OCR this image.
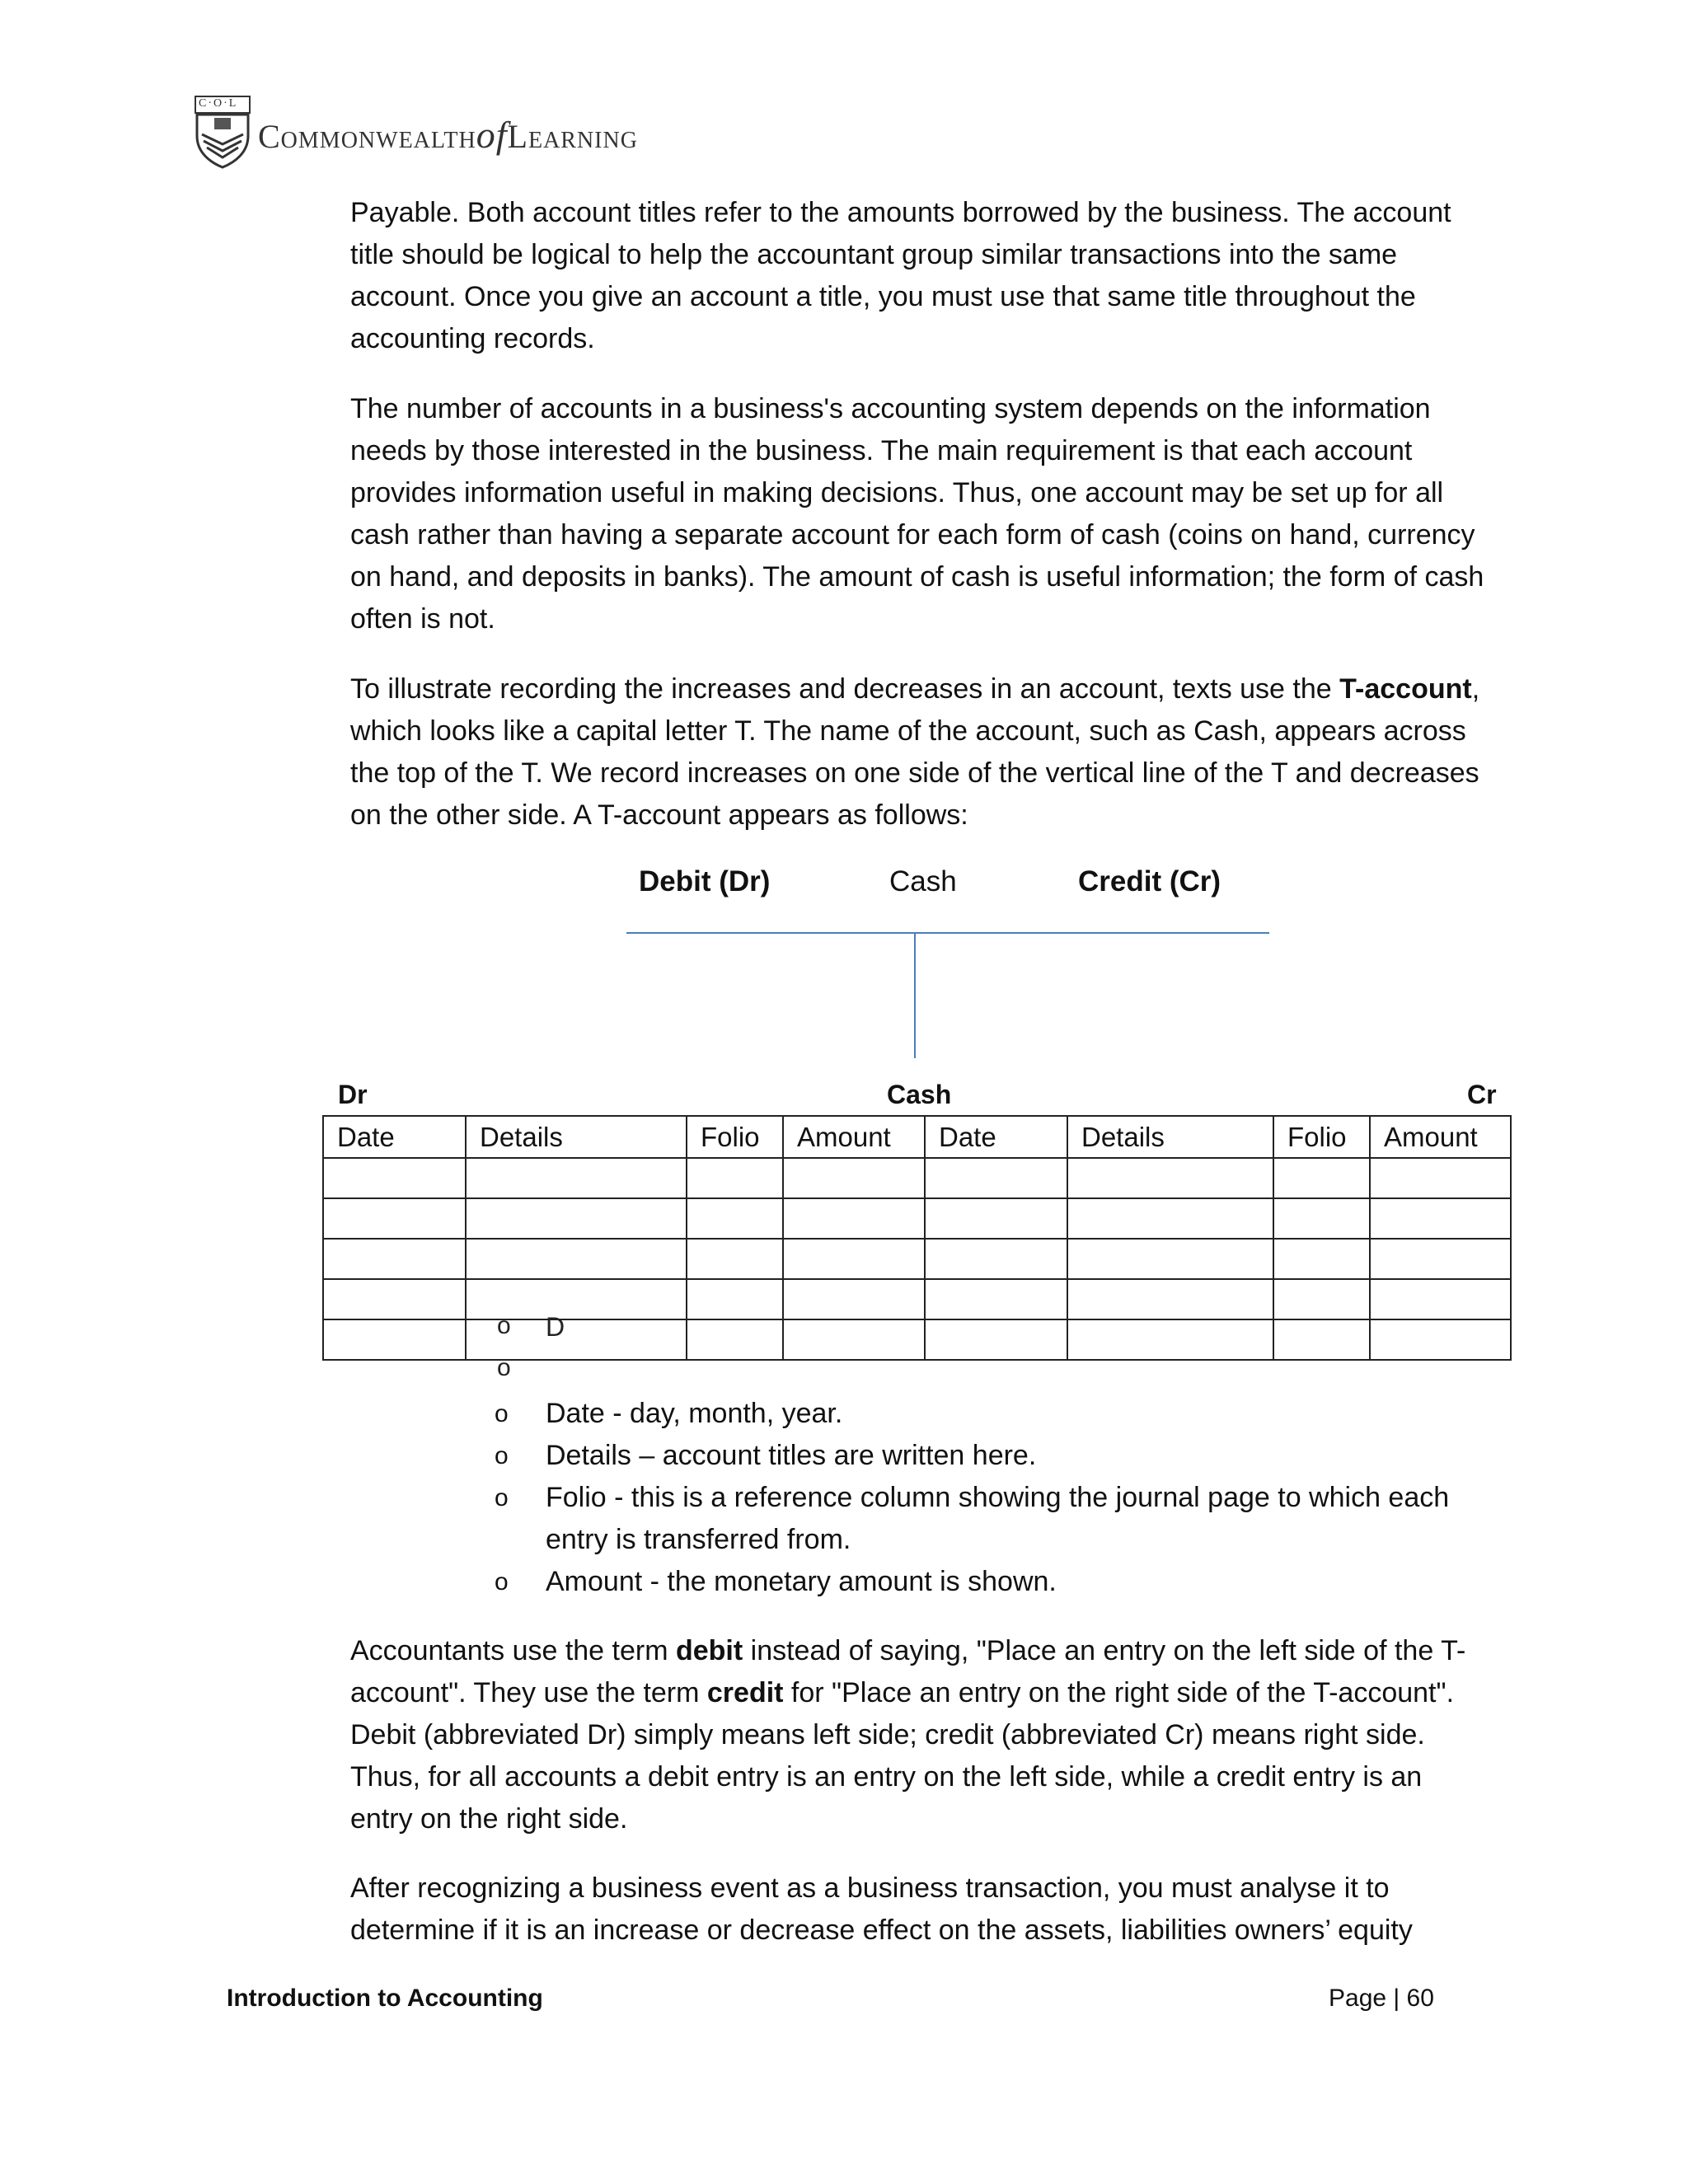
C·O·L
CommonwealthofLearning

Payable. Both account titles refer to the amounts borrowed by the business. The account title should be logical to help the accountant group similar transactions into the same account. Once you give an account a title, you must use that same title throughout the accounting records.

The number of accounts in a business's accounting system depends on the information needs by those interested in the business. The main requirement is that each account provides information useful in making decisions. Thus, one account may be set up for all cash rather than having a separate account for each form of cash (coins on hand, currency on hand, and deposits in banks). The amount of cash is useful information; the form of cash often is not.

To illustrate recording the increases and decreases in an account, texts use the T-account, which looks like a capital letter T. The name of the account, such as Cash, appears across the top of the T. We record increases on one side of the vertical line of the T and decreases on the other side. A T-account appears as follows:

Debit (Dr)	Cash	Credit (Cr)
Dr	Cash	Cr
Date	Details	Folio	Amount	Date	Details	Folio	Amount

o D
o
o Date - day, month, year.
o Details – account titles are written here.
o Folio - this is a reference column showing the journal page to which each entry is transferred from.
o Amount - the monetary amount is shown.

Accountants use the term debit instead of saying, "Place an entry on the left side of the T-account". They use the term credit for "Place an entry on the right side of the T-account". Debit (abbreviated Dr) simply means left side; credit (abbreviated Cr) means right side. Thus, for all accounts a debit entry is an entry on the left side, while a credit entry is an entry on the right side.

After recognizing a business event as a business transaction, you must analyse it to determine if it is an increase or decrease effect on the assets, liabilities owners’ equity

Introduction to Accounting	Page | 60
